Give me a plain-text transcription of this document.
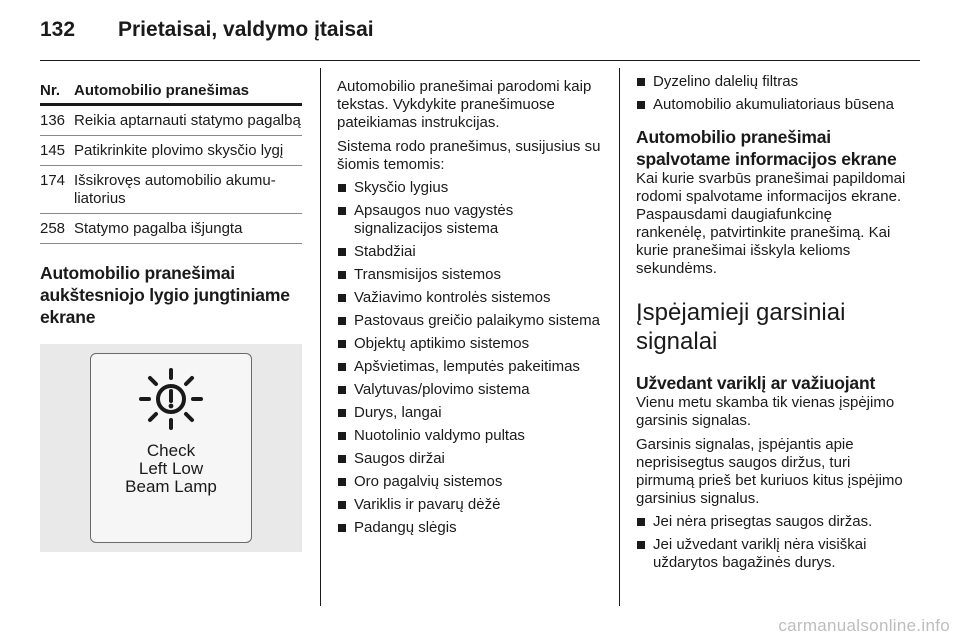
132	Prietaisai, valdymo įtaisai
Nr. Automobilio pranešimas
136 Reikia aptarnauti statymo pagalbą
145 Patikrinkite plovimo skysčio lygį
174 Išsikrovęs automobilio akumu-liatorius
258 Statymo pagalba išjungta
Automobilio pranešimai aukštesniojo lygio jungtiniame ekrane
Check
Left Low
Beam Lamp

Automobilio pranešimai parodomi kaip tekstas. Vykdykite pranešimuose pateikiamas instrukcijas.

Sistema rodo pranešimus, susijusius su šiomis temomis:

Skysčio lygius
Apsaugos nuo vagystės signalizacijos sistema
Stabdžiai
Transmisijos sistemos
Važiavimo kontrolės sistemos
Pastovaus greičio palaikymo sistema
Objektų aptikimo sistemos
Apšvietimas, lemputės pakeitimas
Valytuvas/plovimo sistema
Durys, langai
Nuotolinio valdymo pultas
Saugos diržai
Oro pagalvių sistemos
Variklis ir pavarų dėžė
Padangų slėgis
Dyzelino dalelių filtras
Automobilio akumuliatoriaus būsena
Automobilio pranešimai spalvotame informacijos ekrane

Kai kurie svarbūs pranešimai papildomai rodomi spalvotame informacijos ekrane. Paspausdami daugiafunkcinę rankenėlę, patvirtinkite pranešimą. Kai kurie pranešimai išskyla kelioms sekundėms.

Įspėjamieji garsiniai signalai
Užvedant variklį ar važiuojant

Vienu metu skamba tik vienas įspėjimo garsinis signalas.

Garsinis signalas, įspėjantis apie neprisisegtus saugos diržus, turi pirmumą prieš bet kuriuos kitus įspėjimo garsinius signalus.

Jei nėra prisegtas saugos diržas.
Jei užvedant variklį nėra visiškai uždarytos bagažinės durys.
carmanualsonline.info
